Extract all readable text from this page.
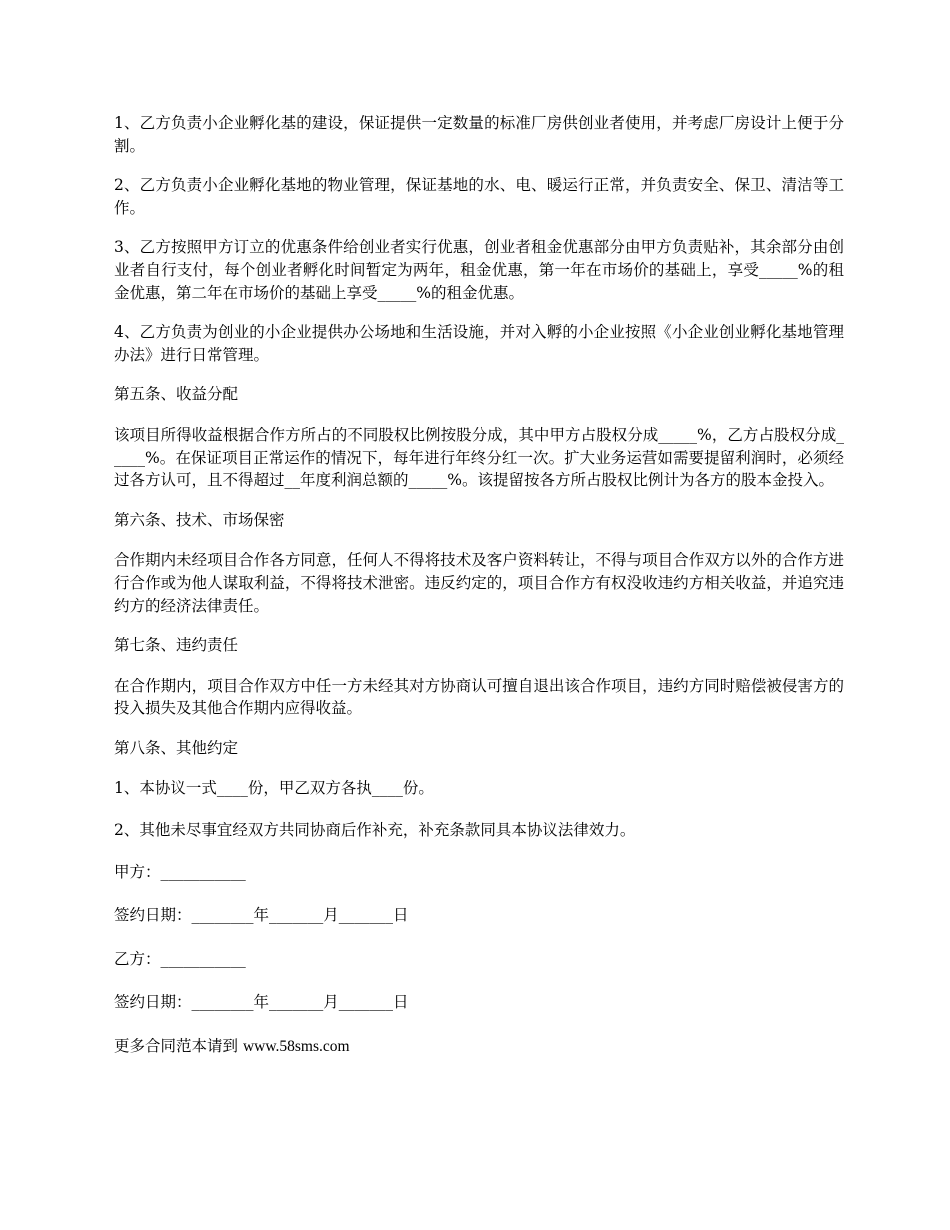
1、乙方负责小企业孵化基的建设，保证提供一定数量的标准厂房供创业者使用，并考虑厂房设计上便于分割。

2、乙方负责小企业孵化基地的物业管理，保证基地的水、电、暖运行正常，并负责安全、保卫、清洁等工作。

3、乙方按照甲方订立的优惠条件给创业者实行优惠，创业者租金优惠部分由甲方负责贴补，其余部分由创业者自行支付，每个创业者孵化时间暂定为两年，租金优惠，第一年在市场价的基础上，享受_____%的租金优惠，第二年在市场价的基础上享受_____%的租金优惠。

4、乙方负责为创业的小企业提供办公场地和生活设施，并对入孵的小企业按照《小企业创业孵化基地管理办法》进行日常管理。

第五条、收益分配

该项目所得收益根据合作方所占的不同股权比例按股分成，其中甲方占股权分成_____%，乙方占股权分成_____%。在保证项目正常运作的情况下，每年进行年终分红一次。扩大业务运营如需要提留利润时，必须经过各方认可，且不得超过__年度利润总额的_____%。该提留按各方所占股权比例计为各方的股本金投入。

第六条、技术、市场保密

合作期内未经项目合作各方同意，任何人不得将技术及客户资料转让，不得与项目合作双方以外的合作方进行合作或为他人谋取利益，不得将技术泄密。违反约定的，项目合作方有权没收违约方相关收益，并追究违约方的经济法律责任。

第七条、违约责任

在合作期内，项目合作双方中任一方未经其对方协商认可擅自退出该合作项目，违约方同时赔偿被侵害方的投入损失及其他合作期内应得收益。

第八条、其他约定

1、本协议一式____份，甲乙双方各执____份。

2、其他未尽事宜经双方共同协商后作补充，补充条款同具本协议法律效力。

甲方：___________

签约日期：________年_______月_______日

乙方：___________

签约日期：________年_______月_______日

更多合同范本请到 www.58sms.com
